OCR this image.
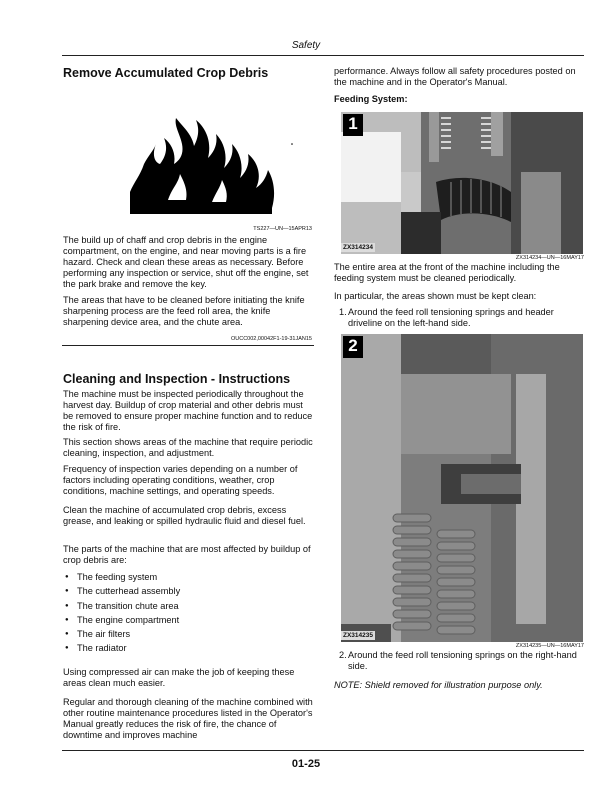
Safety
Remove Accumulated Crop Debris
TS227—UN—15APR13

The build up of chaff and crop debris in the engine compartment, on the engine, and near moving parts is a fire hazard. Check and clean these areas as necessary. Before performing any inspection or service, shut off the engine, set the park brake and remove the key.

The areas that have to be cleaned before initiating the knife sharpening process are the feed roll area, the knife sharpening device area, and the chute area.

OUCC002,00042F1-19-31JAN15
Cleaning and Inspection - Instructions

The machine must be inspected periodically throughout the harvest day. Buildup of crop material and other debris must be removed to ensure proper machine function and to reduce the risk of fire.

This section shows areas of the machine that require periodic cleaning, inspection, and adjustment.

Frequency of inspection varies depending on a number of factors including operating conditions, weather, crop conditions, machine settings, and operating speeds.

Clean the machine of accumulated crop debris, excess grease, and leaking or spilled hydraulic fluid and diesel fuel.

The parts of the machine that are most affected by buildup of crop debris are:

● The feeding system
● The cutterhead assembly
● The transition chute area
● The engine compartment
● The air filters
● The radiator

Using compressed air can make the job of keeping these areas clean much easier.

Regular and thorough cleaning of the machine combined with other routine maintenance procedures listed in the Operator's Manual greatly reduces the risk of fire, the chance of downtime and improves machine

performance. Always follow all safety procedures posted on the machine and in the Operator's Manual.

Feeding System:

1
ZX314234
ZX314234—UN—16MAY17

The entire area at the front of the machine including the feeding system must be cleaned periodically.

In particular, the areas shown must be kept clean:

1. Around the feed roll tensioning springs and header driveline on the left-hand side.

2
ZX314235
ZX314235—UN—16MAY17
2. Around the feed roll tensioning springs on the right-hand side.

NOTE: Shield removed for illustration purpose only.

01-25
